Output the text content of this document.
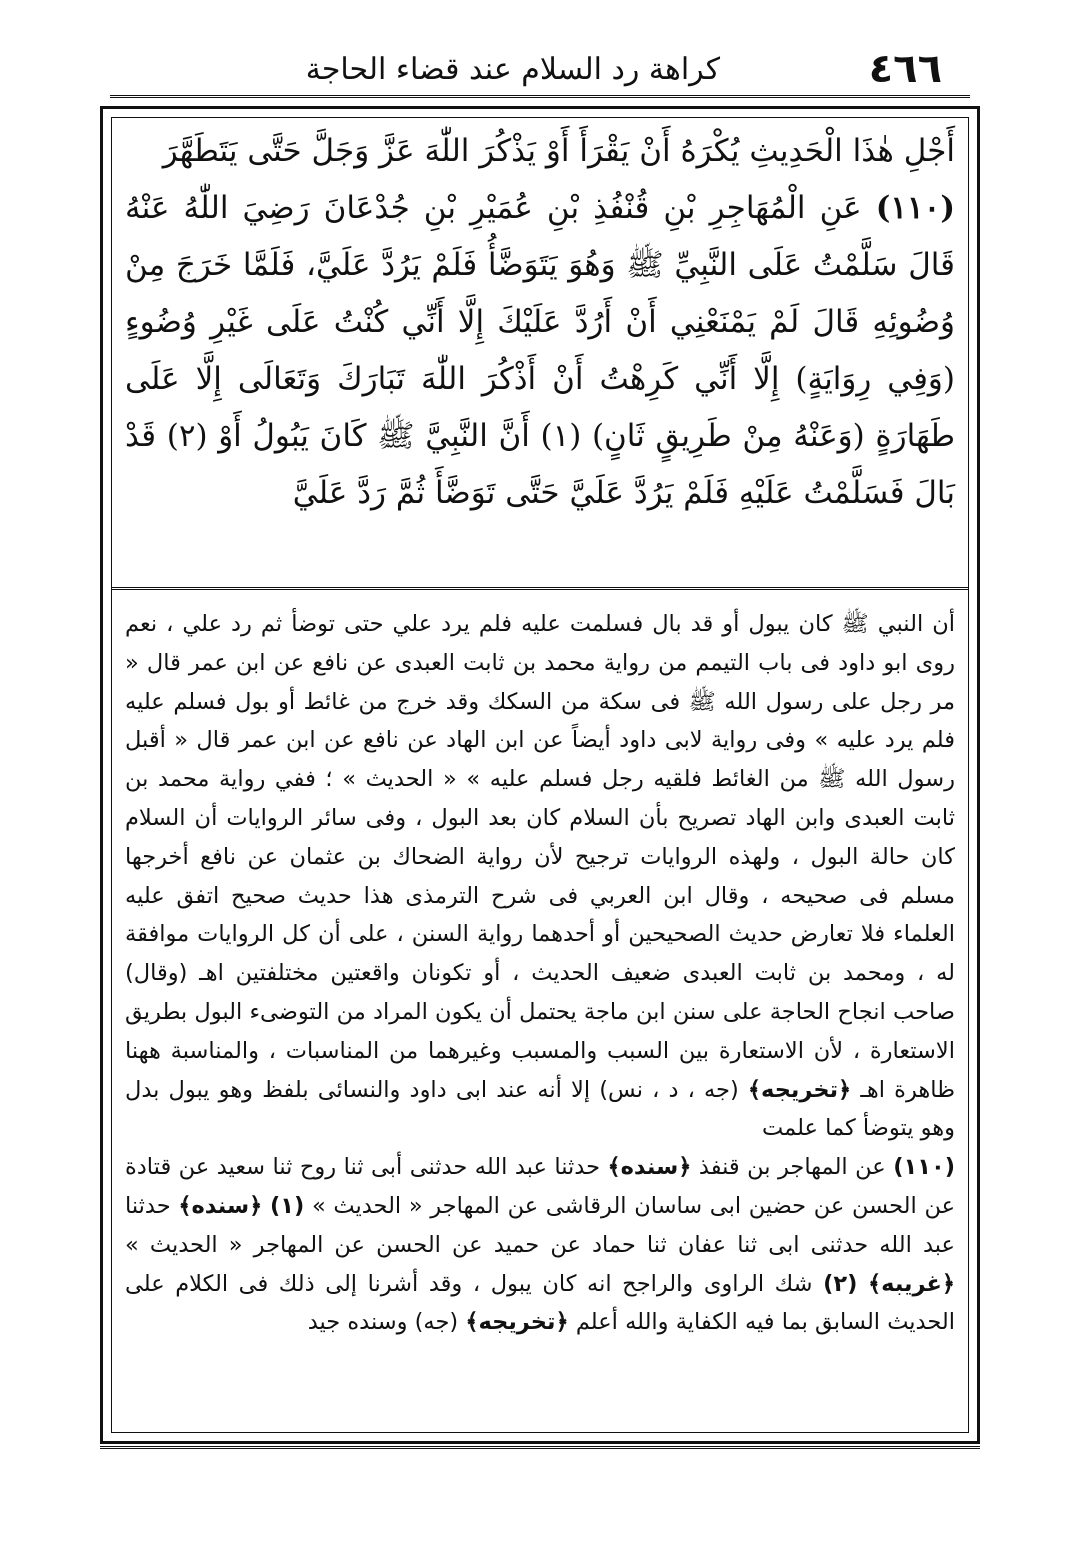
٤٦٦
كراهة رد السلام عند قضاء الحاجة

أَجْلِ هٰذَا الْحَدِيثِ يُكْرَهُ أَنْ يَقْرَأَ أَوْ يَذْكُرَ اللّٰهَ عَزَّ وَجَلَّ حَتَّى يَتَطَهَّرَ

(١١٠) عَنِ الْمُهَاجِرِ بْنِ قُنْفُذِ بْنِ عُمَيْرِ بْنِ جُدْعَانَ رَضِيَ اللّٰهُ عَنْهُ قَالَ سَلَّمْتُ عَلَى النَّبِيِّ ﷺ وَهُوَ يَتَوَضَّأُ فَلَمْ يَرُدَّ عَلَيَّ، فَلَمَّا خَرَجَ مِنْ وُضُوئِهِ قَالَ لَمْ يَمْنَعْنِي أَنْ أَرُدَّ عَلَيْكَ إِلَّا أَنِّي كُنْتُ عَلَى غَيْرِ وُضُوءٍ (وَفِي رِوَايَةٍ) إِلَّا أَنِّي كَرِهْتُ أَنْ أَذْكُرَ اللّٰهَ تَبَارَكَ وَتَعَالَى إِلَّا عَلَى طَهَارَةٍ (وَعَنْهُ مِنْ طَرِيقٍ ثَانٍ) (١) أَنَّ النَّبِيَّ ﷺ كَانَ يَبُولُ أَوْ (٢) قَدْ بَالَ فَسَلَّمْتُ عَلَيْهِ فَلَمْ يَرُدَّ عَلَيَّ حَتَّى تَوَضَّأَ ثُمَّ رَدَّ عَلَيَّ

أن النبي ﷺ كان يبول أو قد بال فسلمت عليه فلم يرد علي حتى توضأ ثم رد علي ، نعم روى ابو داود فى باب التيمم من رواية محمد بن ثابت العبدى عن نافع عن ابن عمر قال « مر رجل على رسول الله ﷺ فى سكة من السكك وقد خرج من غائط أو بول فسلم عليه فلم يرد عليه » وفى رواية لابى داود أيضاً عن ابن الهاد عن نافع عن ابن عمر قال « أقبل رسول الله ﷺ من الغائط فلقيه رجل فسلم عليه » « الحديث » ؛ ففي رواية محمد بن ثابت العبدى وابن الهاد تصريح بأن السلام كان بعد البول ، وفى سائر الروايات أن السلام كان حالة البول ، ولهذه الروايات ترجيح لأن رواية الضحاك بن عثمان عن نافع أخرجها مسلم فى صحيحه ، وقال ابن العربي فى شرح الترمذى هذا حديث صحيح اتفق عليه العلماء فلا تعارض حديث الصحيحين أو أحدهما رواية السنن ، على أن كل الروايات موافقة له ، ومحمد بن ثابت العبدى ضعيف الحديث ، أو تكونان واقعتين مختلفتين اهـ (وقال) صاحب انجاح الحاجة على سنن ابن ماجة يحتمل أن يكون المراد من التوضىء البول بطريق الاستعارة ، لأن الاستعارة بين السبب والمسبب وغيرهما من المناسبات ، والمناسبة ههنا ظاهرة اهـ ﴿تخريجه﴾ (جه ، د ، نس) إلا أنه عند ابى داود والنسائى بلفظ وهو يبول بدل وهو يتوضأ كما علمت

(١١٠) عن المهاجر بن قنفذ ﴿سنده﴾ حدثنا عبد الله حدثنى أبى ثنا روح ثنا سعيد عن قتادة عن الحسن عن حضين ابى ساسان الرقاشى عن المهاجر « الحديث » (١) ﴿سنده﴾ حدثنا عبد الله حدثنى ابى ثنا عفان ثنا حماد عن حميد عن الحسن عن المهاجر « الحديث » ﴿غريبه﴾ (٢) شك الراوى والراجح انه كان يبول ، وقد أشرنا إلى ذلك فى الكلام على الحديث السابق بما فيه الكفاية والله أعلم ﴿تخريجه﴾ (جه) وسنده جيد
